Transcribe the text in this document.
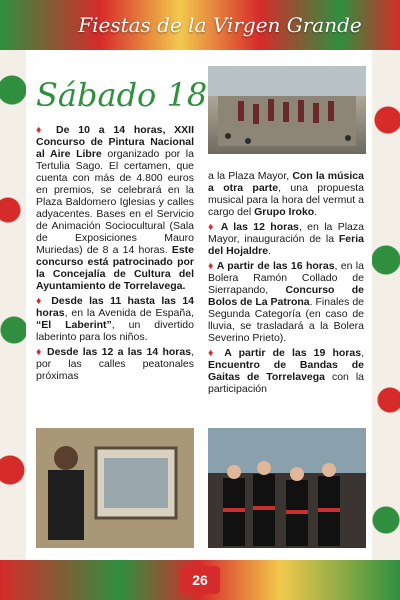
Fiestas de la Virgen Grande
Sábado 18

♦ De 10 a 14 horas, XXII Concurso de Pintura Nacional al Aire Libre organizado por la Tertulia Sago. El certamen, que cuenta con más de 4.800 euros en premios, se celebrará en la Plaza Baldomero Iglesias y calles adyacentes. Bases en el Servicio de Animación Sociocultural (Sala de Exposiciones Mauro Muriedas) de 8 a 14 horas. Este concurso está patrocinado por la Concejalía de Cultura del Ayuntamiento de Torrelavega.

♦ Desde las 11 hasta las 14 horas, en la Avenida de España, “El Laberint”, un divertido laberinto para los niños.

♦ Desde las 12 a las 14 horas, por las calles peatonales próximas

a la Plaza Mayor, Con la música a otra parte, una propuesta musical para la hora del vermut a cargo del Grupo Iroko.

♦ A las 12 horas, en la Plaza Mayor, inauguración de la Feria del Hojaldre.

♦ A partir de las 16 horas, en la Bolera Ramón Collado de Sierrapando, Concurso de Bolos de La Patrona. Finales de Segunda Categoría (en caso de lluvia, se trasladará a la Bolera Severino Prieto).

♦ A partir de las 19 horas, Encuentro de Bandas de Gaitas de Torrelavega con la participación

26
